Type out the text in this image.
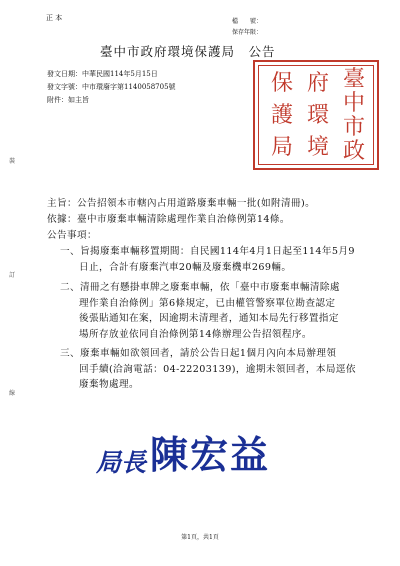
正 本	檔　　號：
保存年限：
臺中市政府環境保護局　公告
發文日期：中華民國114年5月15日
發文字號：中市環廢字第1140058705號
附件：如主旨
臺
中
市
政
府
環
境
保
護
局
裝
訂
線
主旨：公告招領本市轄內占用道路廢棄車輛一批(如附清冊)。
依據：臺中市廢棄車輛清除處理作業自治條例第14條。
公告事項：
一、旨揭廢棄車輛移置期間：自民國114年4月1日起至114年5月9
日止，合計有廢棄汽車20輛及廢棄機車269輛。
二、清冊之有懸掛車牌之廢棄車輛，依「臺中市廢棄車輛清除處
理作業自治條例」第6條規定，已由權管警察單位勘查認定
後張貼通知在案，因逾期未清理者，通知本局先行移置指定
場所存放並依同自治條例第14條辦理公告招領程序。
三、廢棄車輛如欲領回者，請於公告日起1個月內向本局辦理領
回手續(洽詢電話：04-22203139)，逾期未領回者，本局逕依
廢棄物處理。
局長 陳宏益
第1頁，共1頁
